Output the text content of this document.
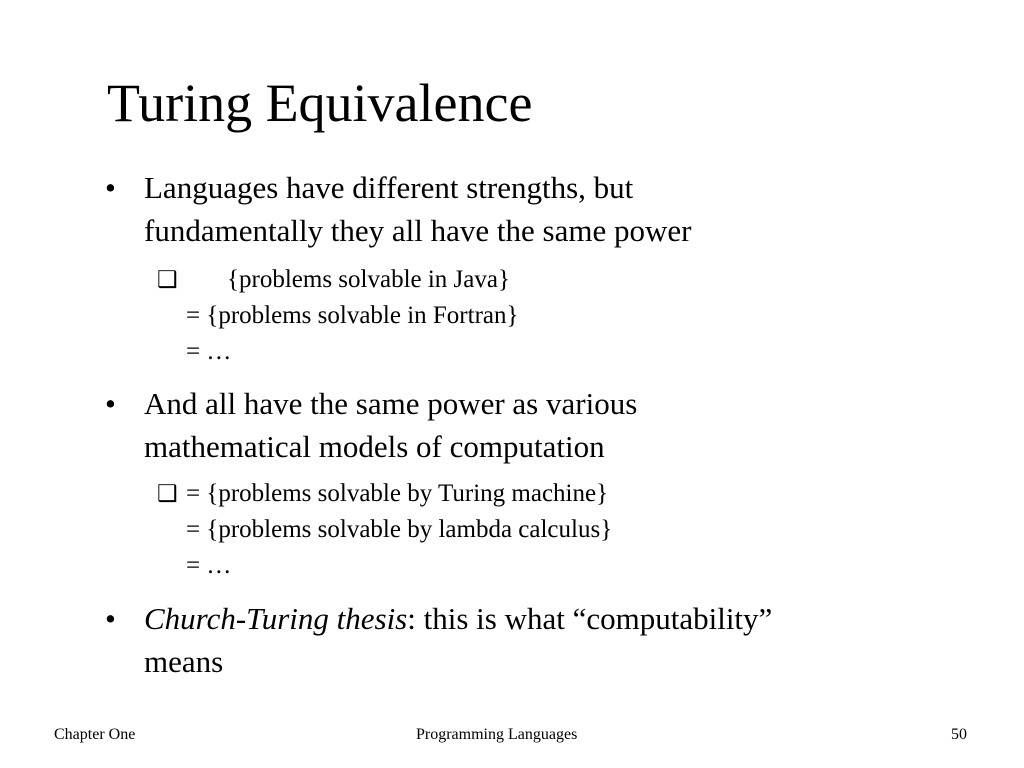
Turing Equivalence
• Languages have different strengths, but
fundamentally they all have the same power
❑ {problems solvable in Java}
= {problems solvable in Fortran}
= …
• And all have the same power as various
mathematical models of computation
❑ = {problems solvable by Turing machine}
= {problems solvable by lambda calculus}
= …
• Church-Turing thesis: this is what “computability”
means
Chapter One	Programming Languages	50
